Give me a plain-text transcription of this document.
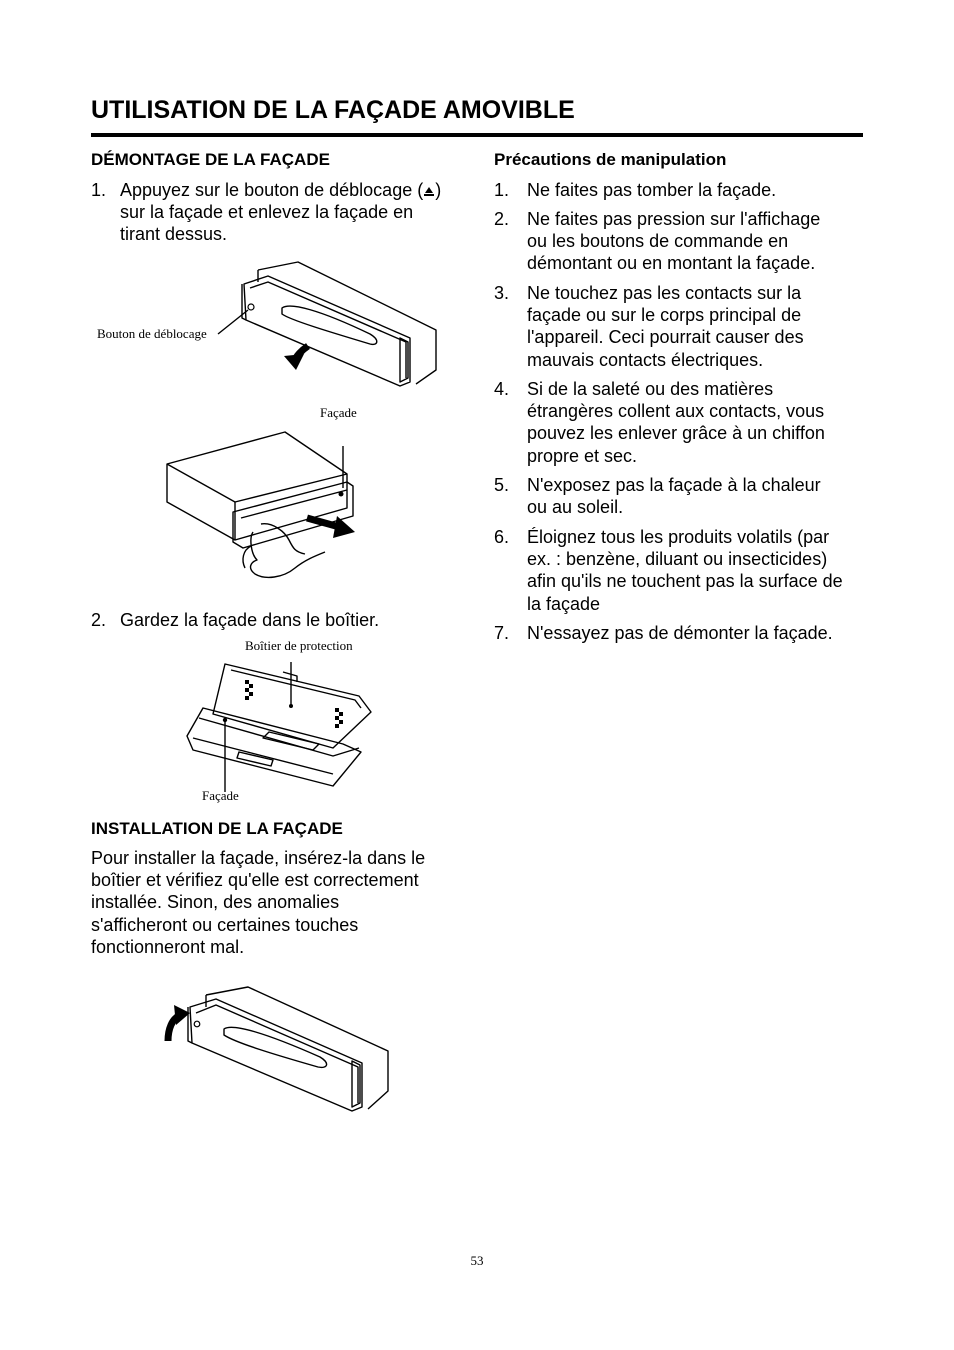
UTILISATION DE LA FAÇADE AMOVIBLE
DÉMONTAGE DE LA FAÇADE
1. Appuyez sur le bouton de déblocage ( )
sur la façade et enlevez la façade en
tirant dessus.
Bouton de déblocage
Façade
2. Gardez la façade dans le boîtier.
Boîtier de protection
Façade
INSTALLATION DE LA FAÇADE
Pour installer la façade, insérez-la dans le
boîtier et vérifiez qu'elle est correctement
installée. Sinon, des anomalies
s'afficheront ou certaines touches
fonctionneront mal.
Précautions de manipulation
1. Ne faites pas tomber la façade.
2. Ne faites pas pression sur l'affichage
ou les boutons de commande en
démontant ou en montant la façade.
3. Ne touchez pas les contacts sur la
façade ou sur le corps principal de
l'appareil. Ceci pourrait causer des
mauvais contacts électriques.
4. Si de la saleté ou des matières
étrangères collent aux contacts, vous
pouvez les enlever grâce à un chiffon
propre et sec.
5. N'exposez pas la façade à la chaleur
ou au soleil.
6. Éloignez tous les produits volatils (par
ex. : benzène, diluant ou insecticides)
afin qu'ils ne touchent pas la surface de
la façade
7. N'essayez pas de démonter la façade.
53
